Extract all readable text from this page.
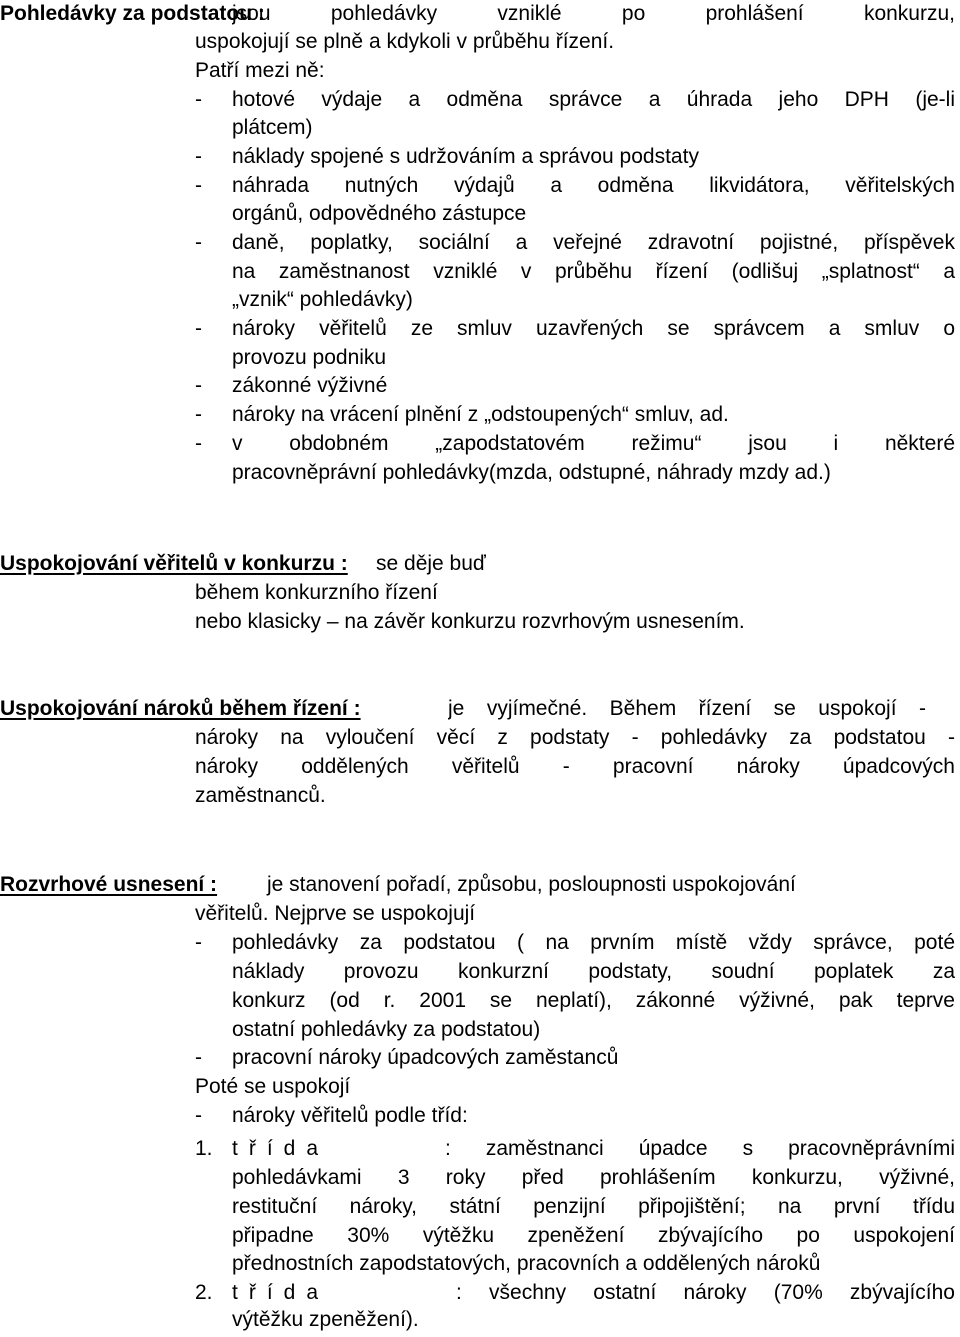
Pohledávky za podstatou :
jsou pohledávky vzniklé po prohlášení konkurzu,
uspokojují se plně a kdykoli v průběhu řízení.
Patří mezi ně:
- hotové výdaje a odměna správce a úhrada jeho DPH (je-li
plátcem)
- náklady spojené s udržováním a správou podstaty
- náhrada nutných výdajů a odměna likvidátora, věřitelských
orgánů, odpovědného zástupce
- daně, poplatky, sociální a veřejné zdravotní pojistné, příspěvek
na zaměstnanost vzniklé v průběhu řízení (odlišuj „splatnost“ a
„vznik“ pohledávky)
- nároky věřitelů ze smluv uzavřených se správcem a smluv o
provozu podniku
- zákonné výživné
- nároky na vrácení plnění z „odstoupených“ smluv, ad.
- v obdobném „zapodstatovém režimu“ jsou i některé
pracovněprávní pohledávky(mzda, odstupné, náhrady mzdy ad.)
Uspokojování věřitelů v konkurzu : se děje buď
během konkurzního řízení
nebo klasicky – na závěr konkurzu rozvrhovým usnesením.
Uspokojování nároků během řízení :	je vyjímečné. Během řízení se uspokojí -
nároky na vyloučení věcí z podstaty - pohledávky za podstatou -
nároky oddělených věřitelů - pracovní nároky úpadcových
zaměstnanců.
Rozvrhové usnesení : je stanovení pořadí, způsobu, posloupnosti uspokojování
věřitelů. Nejprve se uspokojují
- pohledávky za podstatou ( na prvním místě vždy správce, poté
náklady provozu konkurzní podstaty, soudní poplatek za
konkurz (od r. 2001 se neplatí), zákonné výživné, pak teprve
ostatní pohledávky za podstatou)
- pracovní nároky úpadcových zaměstanců
Poté se uspokojí
- nároky věřitelů podle tříd:
1. třída	: zaměstnanci úpadce s pracovněprávními
pohledávkami 3 roky před prohlášením konkurzu, výživné,
restituční nároky, státní penzijní připojištění; na první třídu
připadne 30% výtěžku zpeněžení zbývajícího po uspokojení
přednostních zapodstatových, pracovních a oddělených nároků
2. třída	: všechny ostatní nároky (70% zbývajícího
výtěžku zpeněžení).
